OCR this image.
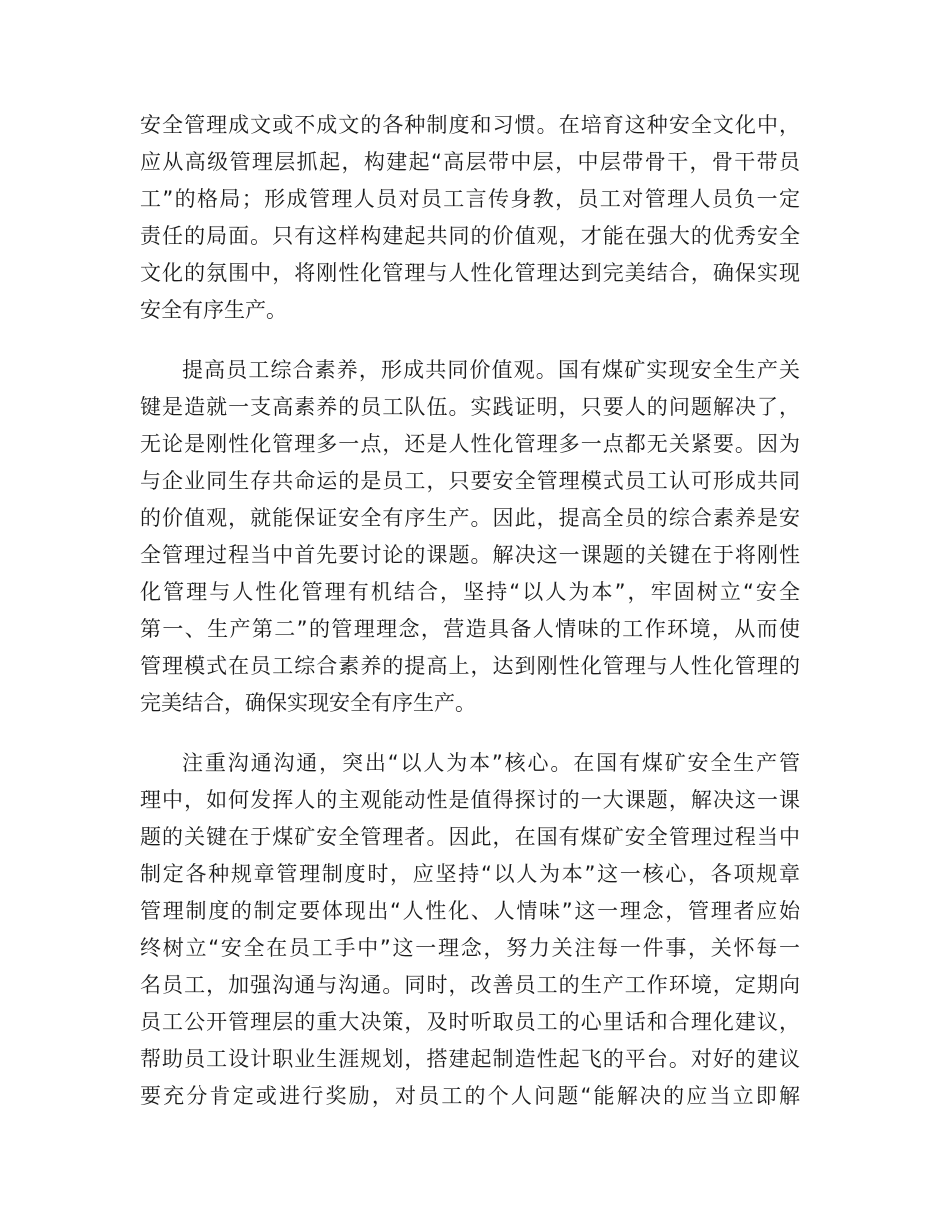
安全管理成文或不成文的各种制度和习惯。在培育这种安全文化中，
应从高级管理层抓起，构建起“高层带中层，中层带骨干，骨干带员
工”的格局；形成管理人员对员工言传身教，员工对管理人员负一定
责任的局面。只有这样构建起共同的价值观，才能在强大的优秀安全
文化的氛围中，将刚性化管理与人性化管理达到完美结合，确保实现
安全有序生产。
提高员工综合素养，形成共同价值观。国有煤矿实现安全生产关
键是造就一支高素养的员工队伍。实践证明，只要人的问题解决了，
无论是刚性化管理多一点，还是人性化管理多一点都无关紧要。因为
与企业同生存共命运的是员工，只要安全管理模式员工认可形成共同
的价值观，就能保证安全有序生产。因此，提高全员的综合素养是安
全管理过程当中首先要讨论的课题。解决这一课题的关键在于将刚性
化管理与人性化管理有机结合，坚持“以人为本”，牢固树立“安全
第一、生产第二”的管理理念，营造具备人情味的工作环境，从而使
管理模式在员工综合素养的提高上，达到刚性化管理与人性化管理的
完美结合，确保实现安全有序生产。
注重沟通沟通，突出“以人为本”核心。在国有煤矿安全生产管
理中，如何发挥人的主观能动性是值得探讨的一大课题，解决这一课
题的关键在于煤矿安全管理者。因此，在国有煤矿安全管理过程当中
制定各种规章管理制度时，应坚持“以人为本”这一核心，各项规章
管理制度的制定要体现出“人性化、人情味”这一理念，管理者应始
终树立“安全在员工手中”这一理念，努力关注每一件事，关怀每一
名员工，加强沟通与沟通。同时，改善员工的生产工作环境，定期向
员工公开管理层的重大决策，及时听取员工的心里话和合理化建议，
帮助员工设计职业生涯规划，搭建起制造性起飞的平台。对好的建议
要充分肯定或进行奖励，对员工的个人问题“能解决的应当立即解
